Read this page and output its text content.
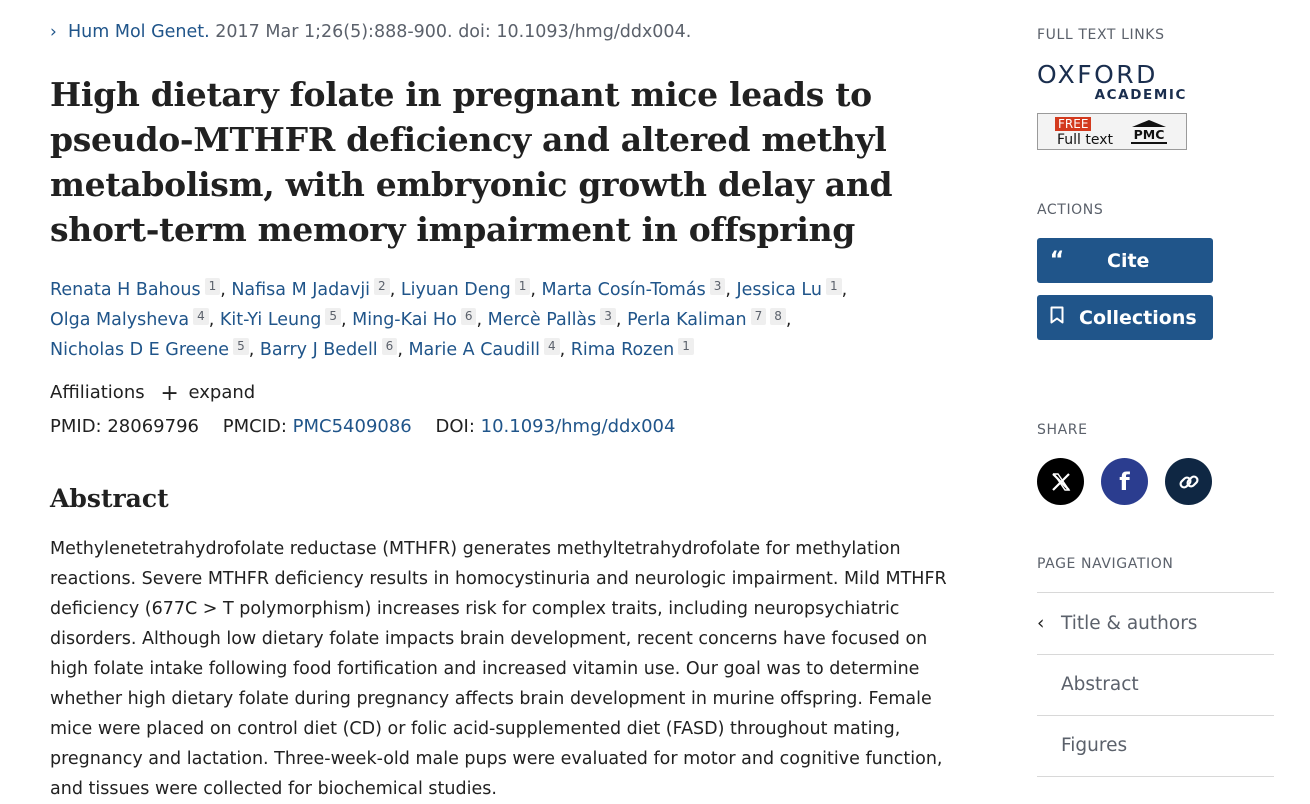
› Hum Mol Genet. 2017 Mar 1;26(5):888-900. doi: 10.1093/hmg/ddx004.
High dietary folate in pregnant mice leads to pseudo-MTHFR deficiency and altered methyl metabolism, with embryonic growth delay and short-term memory impairment in offspring
Renata H Bahous 1 , Nafisa M Jadavji 2 , Liyuan Deng 1 , Marta Cosín-Tomás 3 , Jessica Lu 1 ,
Olga Malysheva 4 , Kit-Yi Leung 5 , Ming-Kai Ho 6 , Mercè Pallàs 3 , Perla Kaliman 7 8 ,
Nicholas D E Greene 5 , Barry J Bedell 6 , Marie A Caudill 4 , Rima Rozen 1
Affiliations + expand
PMID: 28069796 PMCID: PMC5409086 DOI: 10.1093/hmg/ddx004
Abstract

Methylenetetrahydrofolate reductase (MTHFR) generates methyltetrahydrofolate for methylation reactions. Severe MTHFR deficiency results in homocystinuria and neurologic impairment. Mild MTHFR deficiency (677C > T polymorphism) increases risk for complex traits, including neuropsychiatric disorders. Although low dietary folate impacts brain development, recent concerns have focused on high folate intake following food fortification and increased vitamin use. Our goal was to determine whether high dietary folate during pregnancy affects brain development in murine offspring. Female mice were placed on control diet (CD) or folic acid-supplemented diet (FASD) throughout mating, pregnancy and lactation. Three-week-old male pups were evaluated for motor and cognitive function, and tissues were collected for biochemical studies.

FULL TEXT LINKS
OXFORD
ACADEMIC
FREE
Full text PMC
ACTIONS
“	Cite
Collections
SHARE
f
PAGE NAVIGATION
‹ Title & authors
Abstract
Figures
